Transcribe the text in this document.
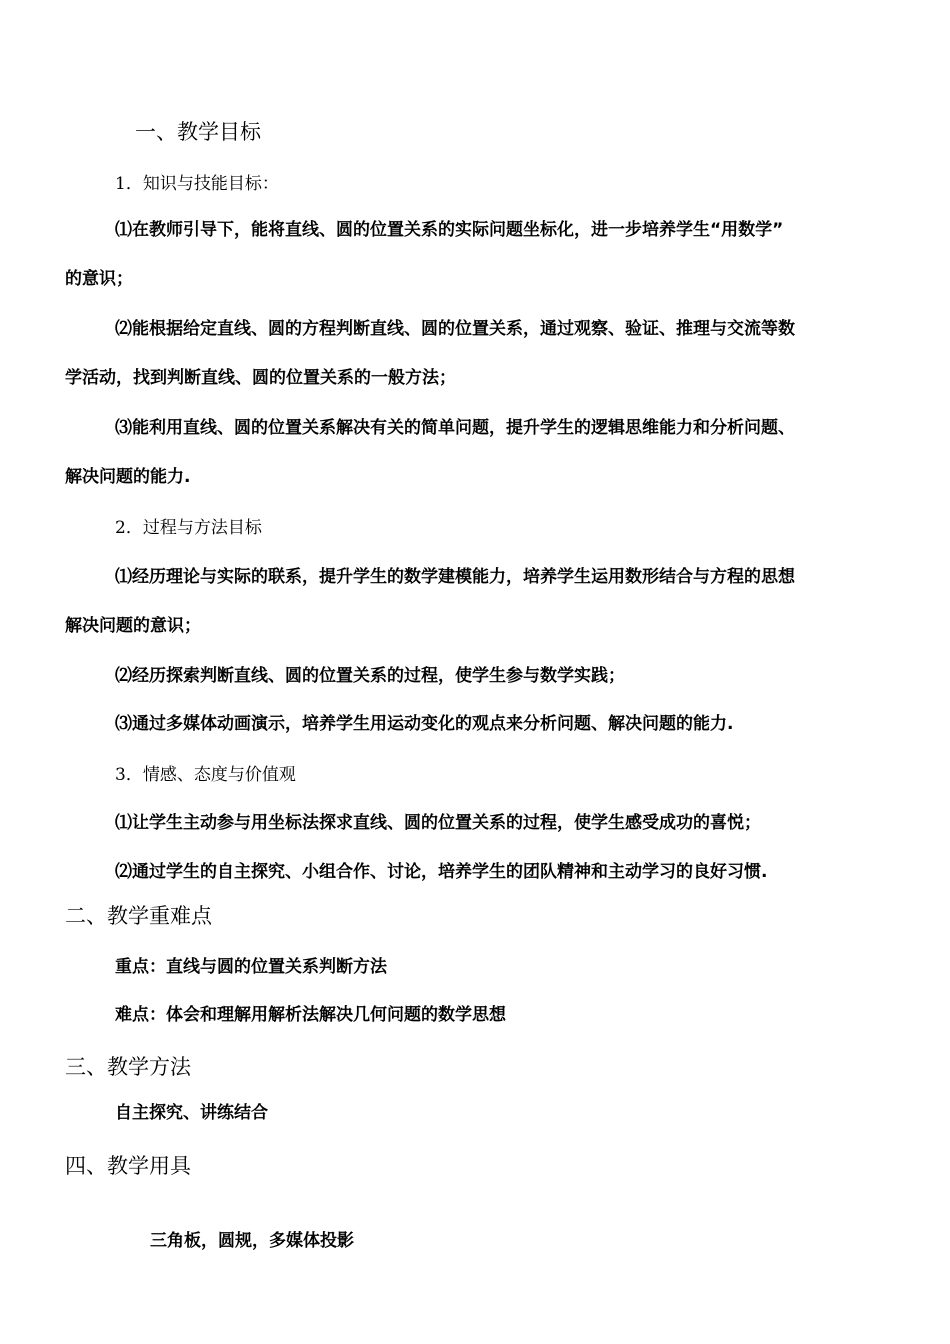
一、教学目标
1．知识与技能目标：
⑴在教师引导下，能将直线、圆的位置关系的实际问题坐标化，进一步培养学生“用数学”
的意识；
⑵能根据给定直线、圆的方程判断直线、圆的位置关系，通过观察、验证、推理与交流等数
学活动，找到判断直线、圆的位置关系的一般方法；
⑶能利用直线、圆的位置关系解决有关的简单问题，提升学生的逻辑思维能力和分析问题、
解决问题的能力.
2．过程与方法目标
⑴经历理论与实际的联系，提升学生的数学建模能力，培养学生运用数形结合与方程的思想
解决问题的意识；
⑵经历探索判断直线、圆的位置关系的过程，使学生参与数学实践；
⑶通过多媒体动画演示，培养学生用运动变化的观点来分析问题、解决问题的能力.
3．情感、态度与价值观
⑴让学生主动参与用坐标法探求直线、圆的位置关系的过程，使学生感受成功的喜悦；
⑵通过学生的自主探究、小组合作、讨论，培养学生的团队精神和主动学习的良好习惯.
二、教学重难点
重点：直线与圆的位置关系判断方法
难点：体会和理解用解析法解决几何问题的数学思想
三、教学方法
自主探究、讲练结合
四、教学用具
三角板，圆规，多媒体投影
